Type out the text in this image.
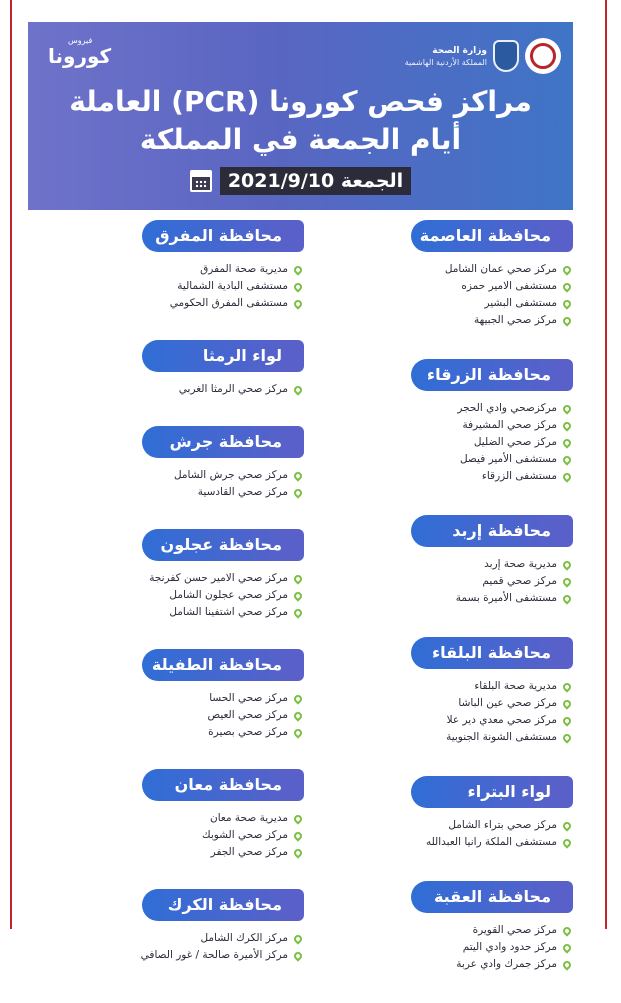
وزارة الصحة
المملكة الأردنية الهاشمية
فيروس
كورونا
مراكز فحص كورونا (PCR) العاملة
أيام الجمعة في المملكة
الجمعة 2021/9/10
محافظة العاصمة
مركز صحي عمان الشامل
مستشفى الامير حمزه
مستشفى البشير
مركز صحي الجبيهة
محافظة الزرقاء
مركزصحي وادي الحجر
مركز صحي المشيرفة
مركز صحي الضليل
مستشفى الأمير فيصل
مستشفى الزرقاء
محافظة إربد
مديرية صحة إربد
مركز صحي قميم
مستشفى الأميرة بسمة
محافظة البلقاء
مديرية صحة البلقاء
مركز صحي عين الباشا
مركز صحي معدي دير علا
مستشفى الشونة الجنوبية
لواء البتراء
مركز صحي بتراء الشامل
مستشفى الملكة رانيا العبدالله
محافظة العقبة
مركز صحي القويرة
مركز حدود وادي اليتم
مركز جمرك وادي عربة
محافظة المفرق
مديرية صحة المفرق
مستشفى البادية الشمالية
مستشفى المفرق الحكومي
لواء الرمثا
مركز صحي الرمثا الغربي
محافظة جرش
مركز صحي جرش الشامل
مركز صحي القادسية
محافظة عجلون
مركز صحي الامير حسن كفرنجة
مركز صحي عجلون الشامل
مركز صحي اشتفينا الشامل
محافظة الطفيلة
مركز صحي الحسا
مركز صحي العيص
مركز صحي بصيرة
محافظة معان
مديرية صحة معان
مركز صحي الشوبك
مركز صحي الجفر
محافظة الكرك
مركز الكرك الشامل
مركز الأميرة صالحة / غور الصافي
